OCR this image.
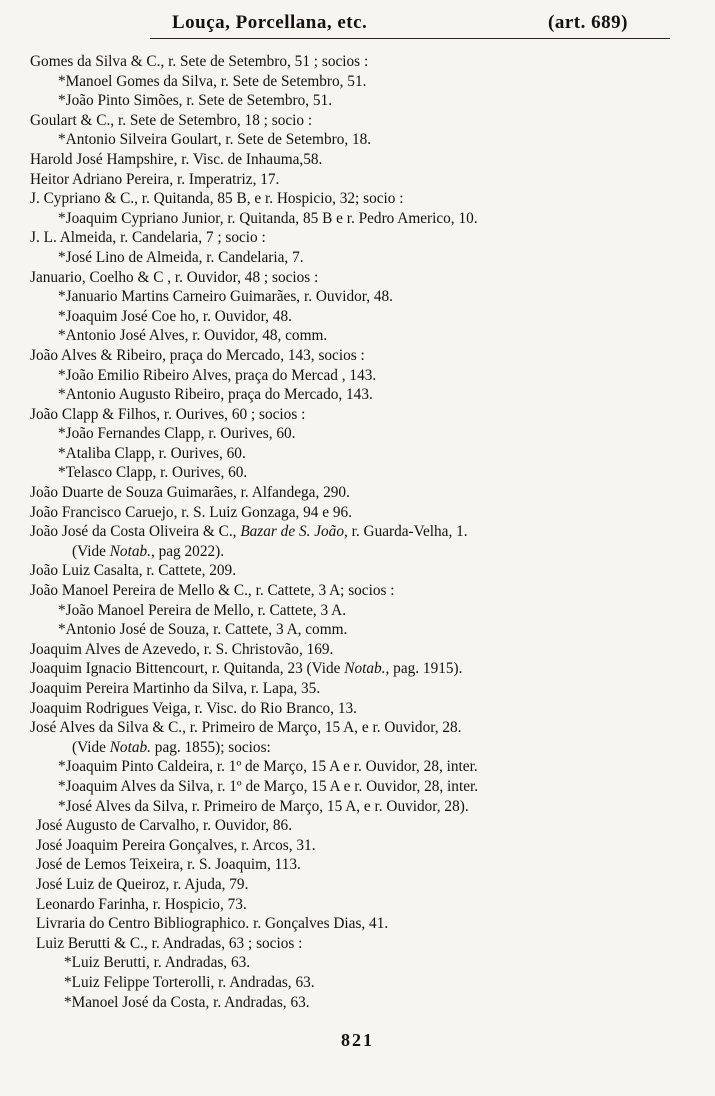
Louça, Porcellana, etc.	(art. 689)
Gomes da Silva & C., r. Sete de Setembro, 51 ; socios :
*Manoel Gomes da Silva, r. Sete de Setembro, 51.
*João Pinto Simões, r. Sete de Setembro, 51.
Goulart & C., r. Sete de Setembro, 18 ; socio :
*Antonio Silveira Goulart, r. Sete de Setembro, 18.
Harold José Hampshire, r. Visc. de Inhauma,58.
Heitor Adriano Pereira, r. Imperatriz, 17.
J. Cypriano & C., r. Quitanda, 85 B, e r. Hospicio, 32; socio :
*Joaquim Cypriano Junior, r. Quitanda, 85 B e r. Pedro Americo, 10.
J. L. Almeida, r. Candelaria, 7 ; socio :
*José Lino de Almeida, r. Candelaria, 7.
Januario, Coelho & C , r. Ouvidor, 48 ; socios :
*Januario Martins Carneiro Guimarães, r. Ouvidor, 48.
*Joaquim José Coe ho, r. Ouvidor, 48.
*Antonio José Alves, r. Ouvidor, 48, comm.
João Alves & Ribeiro, praça do Mercado, 143, socios :
*João Emilio Ribeiro Alves, praça do Mercad , 143.
*Antonio Augusto Ribeiro, praça do Mercado, 143.
João Clapp & Filhos, r. Ourives, 60 ; socios :
*João Fernandes Clapp, r. Ourives, 60.
*Ataliba Clapp, r. Ourives, 60.
*Telasco Clapp, r. Ourives, 60.
João Duarte de Souza Guimarães, r. Alfandega, 290.
João Francisco Caruejo, r. S. Luiz Gonzaga, 94 e 96.
João José da Costa Oliveira & C., Bazar de S. João, r. Guarda-Velha, 1.
(Vide Notab., pag 2022).
João Luiz Casalta, r. Cattete, 209.
João Manoel Pereira de Mello & C., r. Cattete, 3 A; socios :
*João Manoel Pereira de Mello, r. Cattete, 3 A.
*Antonio José de Souza, r. Cattete, 3 A, comm.
Joaquim Alves de Azevedo, r. S. Christovão, 169.
Joaquim Ignacio Bittencourt, r. Quitanda, 23 (Vide Notab., pag. 1915).
Joaquim Pereira Martinho da Silva, r. Lapa, 35.
Joaquim Rodrigues Veiga, r. Visc. do Rio Branco, 13.
José Alves da Silva & C., r. Primeiro de Março, 15 A, e r. Ouvidor, 28.
(Vide Notab. pag. 1855); socios:
*Joaquim Pinto Caldeira, r. 1º de Março, 15 A e r. Ouvidor, 28, inter.
*Joaquim Alves da Silva, r. 1º de Março, 15 A e r. Ouvidor, 28, inter.
*José Alves da Silva, r. Primeiro de Março, 15 A, e r. Ouvidor, 28).
José Augusto de Carvalho, r. Ouvidor, 86.
José Joaquim Pereira Gonçalves, r. Arcos, 31.
José de Lemos Teixeira, r. S. Joaquim, 113.
José Luiz de Queiroz, r. Ajuda, 79.
Leonardo Farinha, r. Hospicio, 73.
Livraria do Centro Bibliographico. r. Gonçalves Dias, 41.
Luiz Berutti & C., r. Andradas, 63 ; socios :
*Luiz Berutti, r. Andradas, 63.
*Luiz Felippe Torterolli, r. Andradas, 63.
*Manoel José da Costa, r. Andradas, 63.
821
